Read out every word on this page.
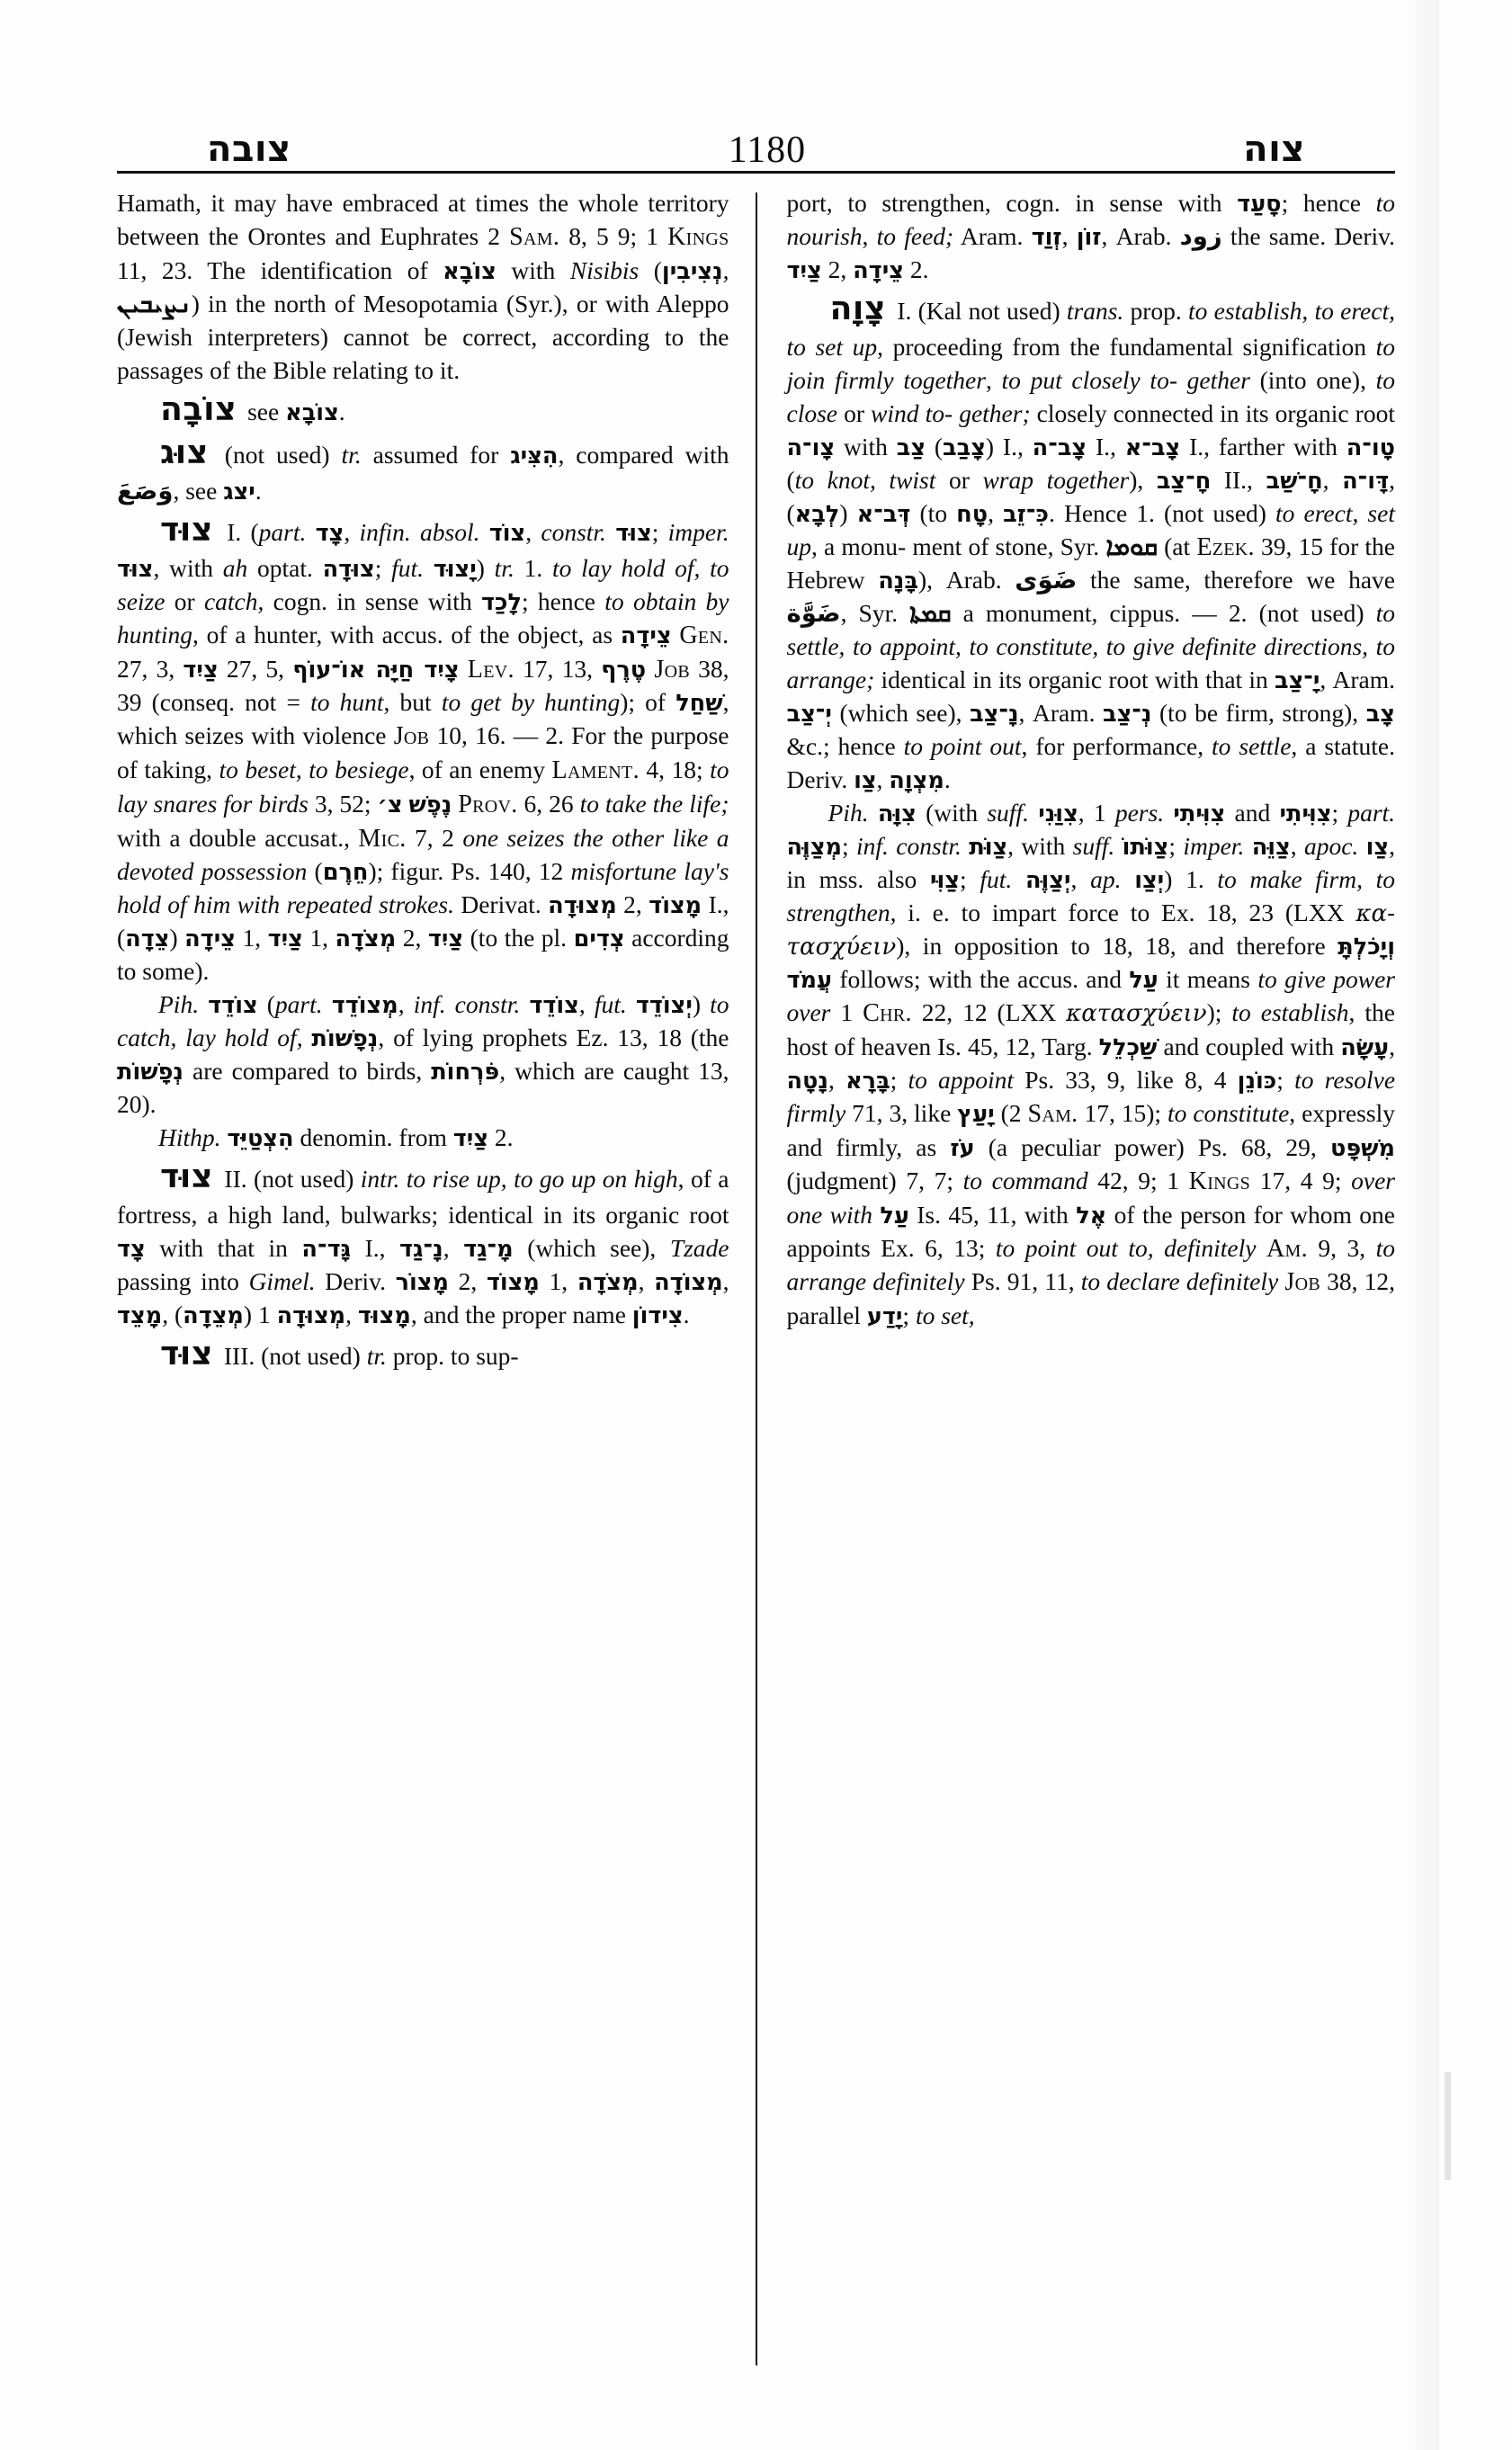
צובה	1180	צוה

Hamath, it may have embraced at times the whole territory between the Orontes and Euphrates 2 Sam. 8, 5 9; 1 Kings 11, 23. The identification of צוֹבָא with Nisibis (נְצִיבִין, ܢܨܝܒܝܢ) in the north of Mesopotamia (Syr.), or with Aleppo (Jewish interpreters) cannot be correct, according to the passages of the Bible relating to it.

צוֹבָה see צוֹבָא.

צוּג (not used) tr. assumed for הִצִּיג, compared with وَصَعَ, see יצג.

צוּד I. (part. צָד, infin. absol. צוֹד, constr. צוּד; imper. צוּד, with ah optat. צוּדָה; fut. יָצוּד) tr. 1. to lay hold of, to seize or catch, cogn. in sense with לָכַד; hence to obtain by hunting, of a hunter, with accus. of the object, as צֵידָה Gen. 27, 3, צַיִד 27, 5, צָיִד חַיָּה אוֹ־עוֹף Lev. 17, 13, טֶרֶף Job 38, 39 (conseq. not = to hunt, but to get by hunting); of שַׁחַל, which seizes with violence Job 10, 16. — 2. For the purpose of taking, to beset, to besiege, of an enemy Lament. 4, 18; to lay snares for birds 3, 52; צ׳ נֶפֶשׁ Prov. 6, 26 to take the life; with a double accusat., Mic. 7, 2 one seizes the other like a devoted possession (חֵרֶם); figur. Ps. 140, 12 misfortune lay's hold of him with repeated strokes. Derivat. מְצוּדָה 2, מָצוֹד I., (צֵדָה) צֵידָה 1, צַיִד 1, מְצֹדָה 2, צַיִד (to the pl. צְדִים according to some).

Pih. צוֹדֵד (part. מְצוֹדֵד, inf. constr. צוֹדֵד, fut. יְצוֹדֵד) to catch, lay hold of, נְפָשׁוֹת, of lying prophets Ez. 13, 18 (the נְפָשׁוֹת are compared to birds, פֹּרְחוֹת, which are caught 13, 20).

Hithp. הִצְטַיֵּד denomin. from צַיִד 2.

צוּד II. (not used) intr. to rise up, to go up on high, of a fortress, a high land, bulwarks; identical in its organic root צָד with that in גָּד־ה I., נָ־גַד, מָ־גַד (which see), Tzade passing into Gimel. Deriv. מָצוֹר 2, מָצוֹד 1, מְצֹדָה, מְצוֹדָה, מָצֵד, (מְצֵדָה) 1 מְצוּדָה, מָצוּד, and the proper name צִידוֹן.

צוּד III. (not used) tr. prop. to sup-

port, to strengthen, cogn. in sense with סָעַד; hence to nourish, to feed; Aram. זְוַד, זוֹן, Arab. زود the same. Deriv. צַיִד 2, צֵידָה 2.

צָוָה I. (Kal not used) trans. prop. to establish, to erect, to set up, proceeding from the fundamental signification to join firmly together, to put closely to- gether (into one), to close or wind to- gether; closely connected in its organic root צָו־ה with צַב (צָבַב) I., צָב־ה I., צָב־א I., farther with טָו־ה (to knot, twist or wrap together), חָ־צַב II., חָ־שַׁב, דָּו־ה, (לְבָא) דְּב־א (to טָח, כִּ־זֵב. Hence 1. (not used) to erect, set up, a monu- ment of stone, Syr. ܩܘܡܐ (at Ezek. 39, 15 for the Hebrew בָּנָה), Arab. ضَوَى the same, therefore we have ضَوَّة, Syr. ܩܡܬܐ a monument, cippus. — 2. (not used) to settle, to appoint, to constitute, to give definite directions, to arrange; identical in its organic root with that in יָ־צַב, Aram. יְ־צַב (which see), נָ־צַב, Aram. נְ־צַב (to be firm, strong), צָב &c.; hence to point out, for performance, to settle, a statute. Deriv. צַו, מִצְוָה.

Pih. צִוָּה (with suff. צִוַּנִי, 1 pers. צִוִּיתִי and צִוִּיתִי; part. מְצַוֶּה; inf. constr. צַוֹּת, with suff. צַוֹּתוֹ; imper. צַוֵּה, apoc. צַו, in mss. also צַוִּי; fut. יְצַוֶּה, ap. יְצַו) 1. to make firm, to strengthen, i. e. to impart force to Ex. 18, 23 (LXX κα- τασχύειν), in opposition to 18, 18, and therefore וְיָכֹלְתָּ עֲמֹד follows; with the accus. and עַל it means to give power over 1 Chr. 22, 12 (LXX κατασχύειν); to establish, the host of heaven Is. 45, 12, Targ. שַׁכְלֵל and coupled with עָשָׂה, נָטָה, בָּרָא; to appoint Ps. 33, 9, like 8, 4 כּוֹנֵן; to resolve firmly 71, 3, like יָעַץ (2 Sam. 17, 15); to constitute, expressly and firmly, as עֹז (a peculiar power) Ps. 68, 29, מִשְׁפָּט (judgment) 7, 7; to command 42, 9; 1 Kings 17, 4 9; over one with עַל Is. 45, 11, with אֶל of the person for whom one appoints Ex. 6, 13; to point out to, definitely Am. 9, 3, to arrange definitely Ps. 91, 11, to declare definitely Job 38, 12, parallel יָדַע; to set,
